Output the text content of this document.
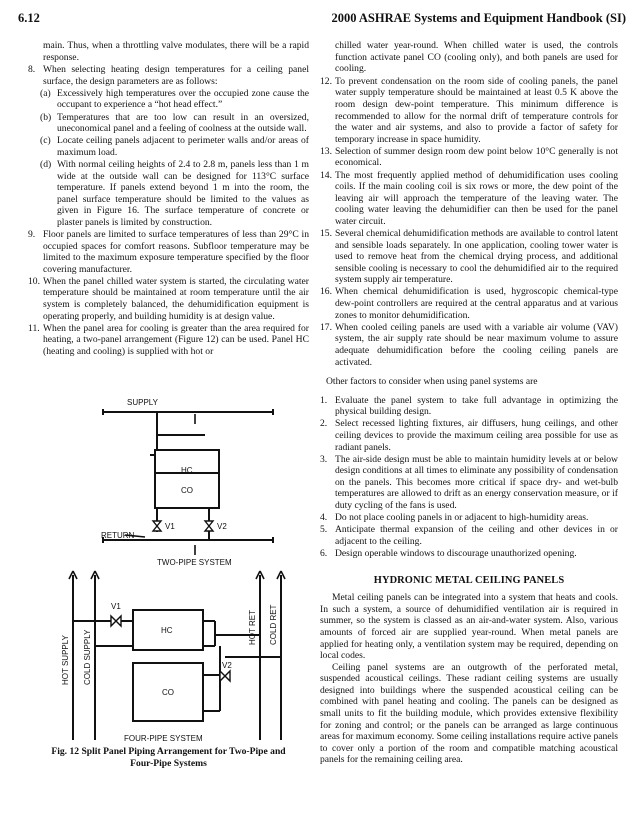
6.12	2000 ASHRAE Systems and Equipment Handbook (SI)
main. Thus, when a throttling valve modulates, there will be a rapid response.
8. When selecting heating design temperatures for a ceiling panel surface, the design parameters are as follows:
(a) Excessively high temperatures over the occupied zone cause the occupant to experience a “hot head effect.”
(b) Temperatures that are too low can result in an oversized, uneconomical panel and a feeling of coolness at the outside wall.
(c) Locate ceiling panels adjacent to perimeter walls and/or areas of maximum load.
(d) With normal ceiling heights of 2.4 to 2.8 m, panels less than 1 m wide at the outside wall can be designed for 113°C surface temperature. If panels extend beyond 1 m into the room, the panel surface temperature should be limited to the values as given in Figure 16. The surface temperature of concrete or plaster panels is limited by construction.
9. Floor panels are limited to surface temperatures of less than 29°C in occupied spaces for comfort reasons. Subfloor temperature may be limited to the maximum exposure temperature specified by the floor covering manufacturer.
10. When the panel chilled water system is started, the circulating water temperature should be maintained at room temperature until the air system is completely balanced, the dehumidification equipment is operating properly, and building humidity is at design value.
11. When the panel area for cooling is greater than the area required for heating, a two-panel arrangement (Figure 12) can be used. Panel HC (heating and cooling) is supplied with hot or
SUPPLY
HC
CO
V1	V2
RETURN
TWO-PIPE SYSTEM
HOT SUPPLY COLD SUPPLY
HOT RET COLD RET
V1
V2
HC
CO
FOUR-PIPE SYSTEM
Fig. 12 Split Panel Piping Arrangement for Two-Pipe and
Four-Pipe Systems
chilled water year-round. When chilled water is used, the controls function activate panel CO (cooling only), and both panels are used for cooling.
12. To prevent condensation on the room side of cooling panels, the panel water supply temperature should be maintained at least 0.5 K above the room design dew-point temperature. This minimum difference is recommended to allow for the normal drift of temperature controls for the water and air systems, and also to provide a factor of safety for temporary increase in space humidity.
13. Selection of summer design room dew point below 10°C generally is not economical.
14. The most frequently applied method of dehumidification uses cooling coils. If the main cooling coil is six rows or more, the dew point of the leaving air will approach the temperature of the leaving water. The cooling water leaving the dehumidifier can then be used for the panel water circuit.
15. Several chemical dehumidification methods are available to control latent and sensible loads separately. In one application, cooling tower water is used to remove heat from the chemical drying process, and additional sensible cooling is necessary to cool the dehumidified air to the required system supply air temperature.
16. When chemical dehumidification is used, hygroscopic chemical-type dew-point controllers are required at the central apparatus and at various zones to monitor dehumidification.
17. When cooled ceiling panels are used with a variable air volume (VAV) system, the air supply rate should be near maximum volume to assure adequate dehumidification before the cooling ceiling panels are activated.

Other factors to consider when using panel systems are

1. Evaluate the panel system to take full advantage in optimizing the physical building design.
2. Select recessed lighting fixtures, air diffusers, hung ceilings, and other ceiling devices to provide the maximum ceiling area possible for use as radiant panels.
3. The air-side design must be able to maintain humidity levels at or below design conditions at all times to eliminate any possibility of condensation on the panels. This becomes more critical if space dry- and wet-bulb temperatures are allowed to drift as an energy conservation measure, or if duty cycling of the fans is used.
4. Do not place cooling panels in or adjacent to high-humidity areas.
5. Anticipate thermal expansion of the ceiling and other devices in or adjacent to the ceiling.
6. Design operable windows to discourage unauthorized opening.
HYDRONIC METAL CEILING PANELS

Metal ceiling panels can be integrated into a system that heats and cools. In such a system, a source of dehumidified ventilation air is required in summer, so the system is classed as an air-and-water system. Also, various amounts of forced air are supplied year-round. When metal panels are applied for heating only, a ventilation system may be required, depending on local codes.

Ceiling panel systems are an outgrowth of the perforated metal, suspended acoustical ceilings. These radiant ceiling systems are usually designed into buildings where the suspended acoustical ceiling can be combined with panel heating and cooling. The panels can be designed as small units to fit the building module, which provides extensive flexibility for zoning and control; or the panels can be arranged as large continuous areas for maximum economy. Some ceiling installations require active panels to cover only a portion of the room and compatible matching acoustical panels for the remaining ceiling area.
